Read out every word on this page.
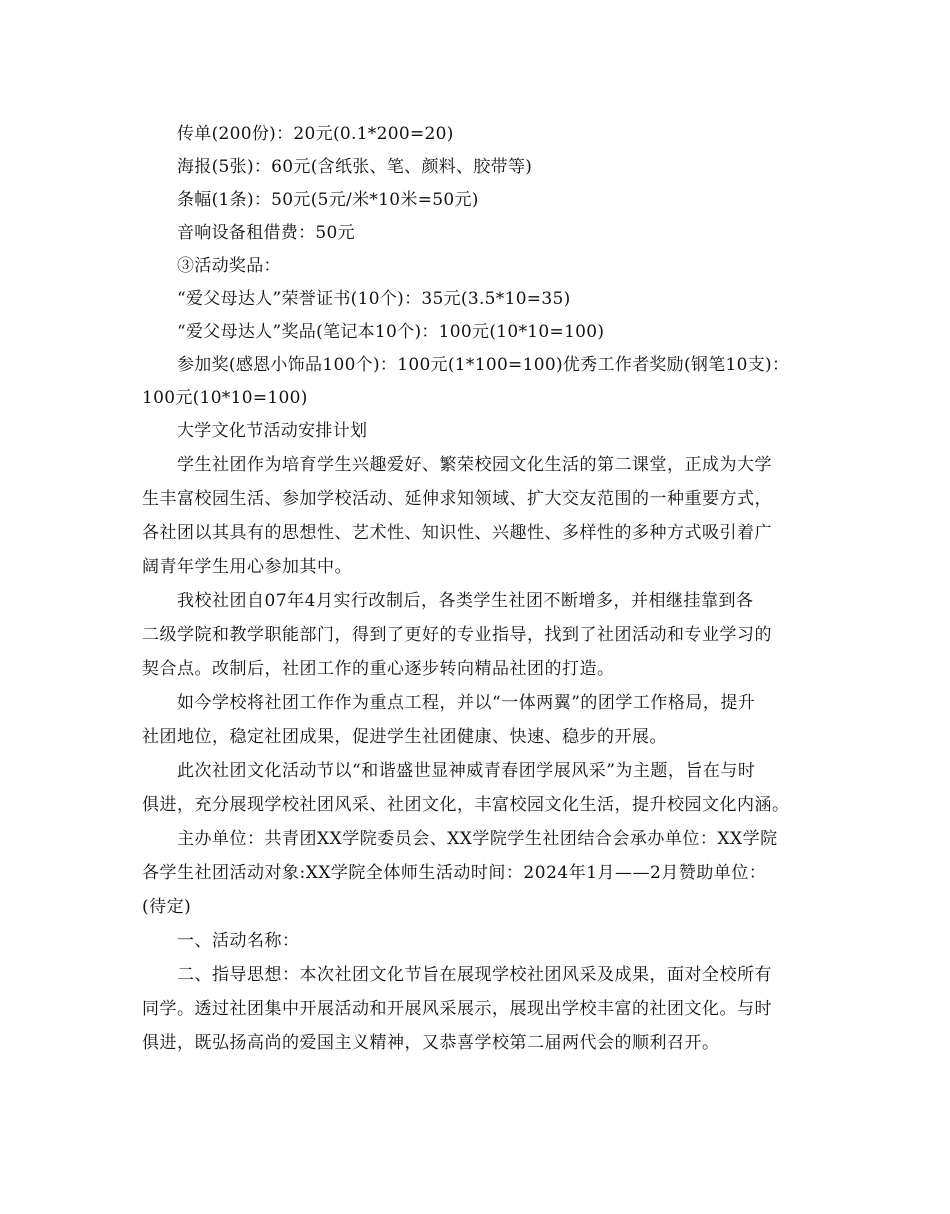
传单(200份)：20元(0.1*200=20)
海报(5张)：60元(含纸张、笔、颜料、胶带等)
条幅(1条)：50元(5元/米*10米=50元)
音响设备租借费：50元
③活动奖品：
“爱父母达人”荣誉证书(10个)：35元(3.5*10=35)
“爱父母达人”奖品(笔记本10个)：100元(10*10=100)
参加奖(感恩小饰品100个)：100元(1*100=100)优秀工作者奖励(钢笔10支)：
100元(10*10=100)
大学文化节活动安排计划
学生社团作为培育学生兴趣爱好、繁荣校园文化生活的第二课堂，正成为大学
生丰富校园生活、参加学校活动、延伸求知领域、扩大交友范围的一种重要方式，
各社团以其具有的思想性、艺术性、知识性、兴趣性、多样性的多种方式吸引着广
阔青年学生用心参加其中。
我校社团自07年4月实行改制后，各类学生社团不断增多，并相继挂靠到各
二级学院和教学职能部门，得到了更好的专业指导，找到了社团活动和专业学习的
契合点。改制后，社团工作的重心逐步转向精品社团的打造。
如今学校将社团工作作为重点工程，并以“一体两翼”的团学工作格局，提升
社团地位，稳定社团成果，促进学生社团健康、快速、稳步的开展。
此次社团文化活动节以“和谐盛世显神威青春团学展风采”为主题，旨在与时
俱进，充分展现学校社团风采、社团文化，丰富校园文化生活，提升校园文化内涵。
主办单位：共青团XX学院委员会、XX学院学生社团结合会承办单位：XX学院
各学生社团活动对象:XX学院全体师生活动时间：2024年1月——2月赞助单位：
(待定)
一、活动名称：
二、指导思想：本次社团文化节旨在展现学校社团风采及成果，面对全校所有
同学。透过社团集中开展活动和开展风采展示，展现出学校丰富的社团文化。与时
俱进，既弘扬高尚的爱国主义精神，又恭喜学校第二届两代会的顺利召开。
